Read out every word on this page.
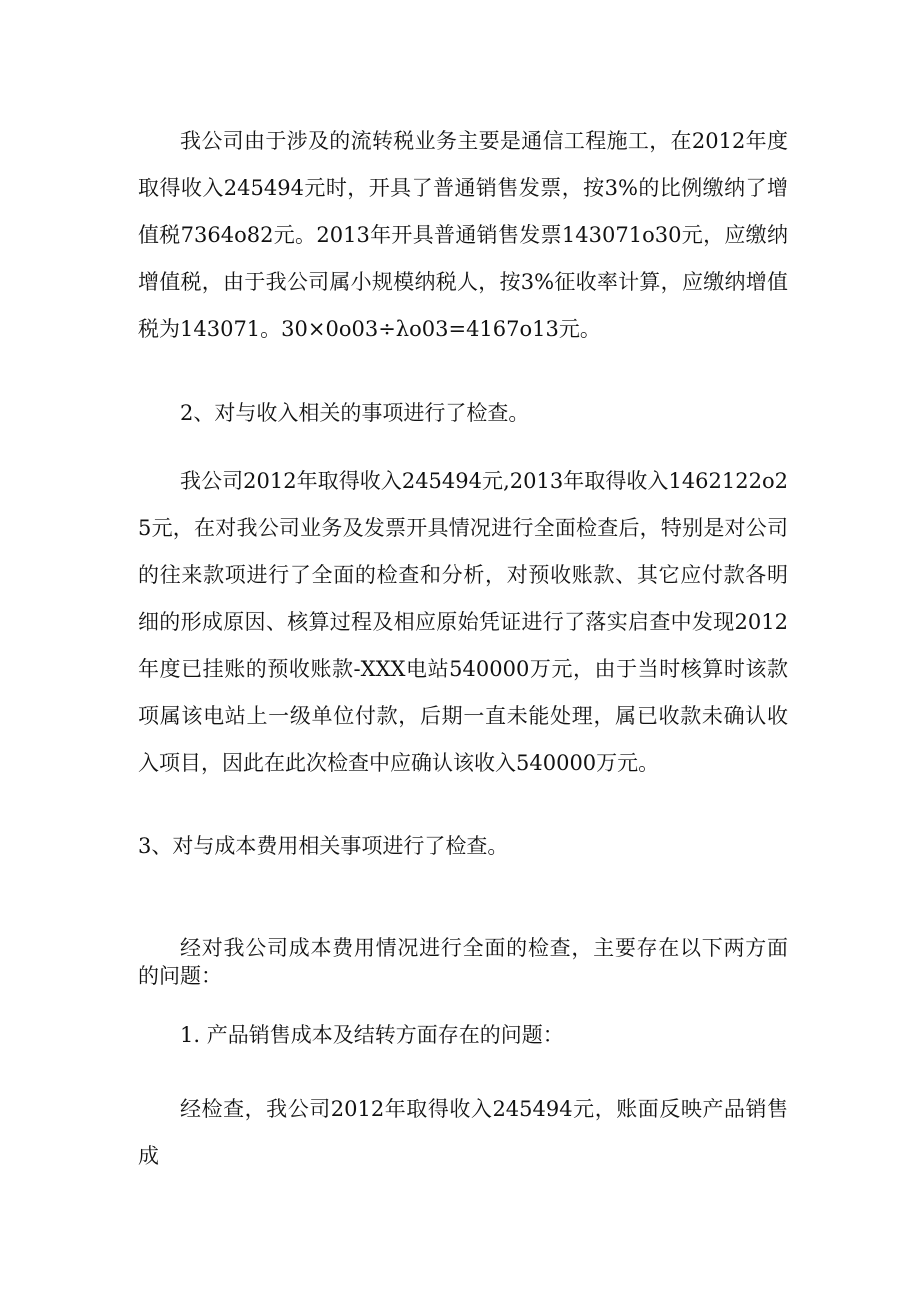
我公司由于涉及的流转税业务主要是通信工程施工，在2012年度取得收入245494元时，开具了普通销售发票，按3%的比例缴纳了增值税7364o82元。2013年开具普通销售发票143071o30元，应缴纳增值税，由于我公司属小规模纳税人，按3%征收率计算，应缴纳增值税为143071。30×0o03÷λo03=4167o13元。

2、对与收入相关的事项进行了检查。

我公司2012年取得收入245494元,2013年取得收入1462122o25元，在对我公司业务及发票开具情况进行全面检查后，特别是对公司的往来款项进行了全面的检查和分析，对预收账款、其它应付款各明细的形成原因、核算过程及相应原始凭证进行了落实启查中发现2012年度已挂账的预收账款-XXX电站540000万元，由于当时核算时该款项属该电站上一级单位付款，后期一直未能处理，属已收款未确认收入项目，因此在此次检查中应确认该收入540000万元。

3、对与成本费用相关事项进行了检查。

经对我公司成本费用情况进行全面的检查，主要存在以下两方面的问题：

1. 产品销售成本及结转方面存在的问题：

经检查，我公司2012年取得收入245494元，账面反映产品销售成
